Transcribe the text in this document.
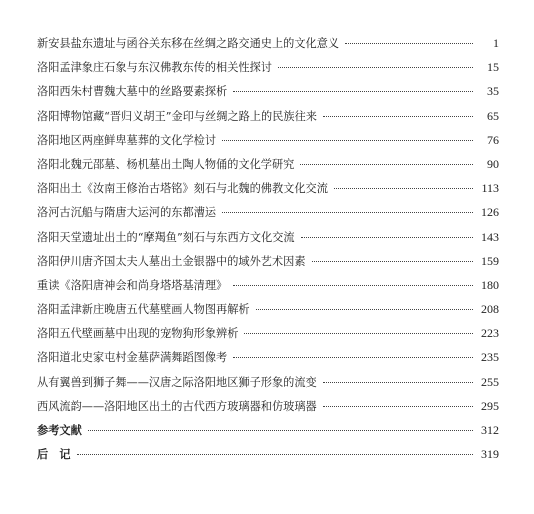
新安县盐东遗址与函谷关东移在丝绸之路交通史上的文化意义	1
洛阳孟津象庄石象与东汉佛教东传的相关性探讨	15
洛阳西朱村曹魏大墓中的丝路要素探析	35
洛阳博物馆藏“晋归义胡王”金印与丝绸之路上的民族往来	65
洛阳地区两座鲜卑墓葬的文化学检讨	76
洛阳北魏元邵墓、杨机墓出土陶人物俑的文化学研究	90
洛阳出土《汝南王修治古塔铭》刻石与北魏的佛教文化交流	113
洛河古沉船与隋唐大运河的东都漕运	126
洛阳天堂遗址出土的“摩羯鱼”刻石与东西方文化交流	143
洛阳伊川唐齐国太夫人墓出土金银器中的域外艺术因素	159
重读《洛阳唐神会和尚身塔塔基清理》	180
洛阳孟津新庄晚唐五代墓壁画人物图再解析	208
洛阳五代壁画墓中出现的宠物狗形象辨析	223
洛阳道北史家屯村金墓萨满舞蹈图像考	235
从有翼兽到狮子舞——汉唐之际洛阳地区狮子形象的流变	255
西风流韵——洛阳地区出土的古代西方玻璃器和仿玻璃器	295
参考文献	312
后　记	319
